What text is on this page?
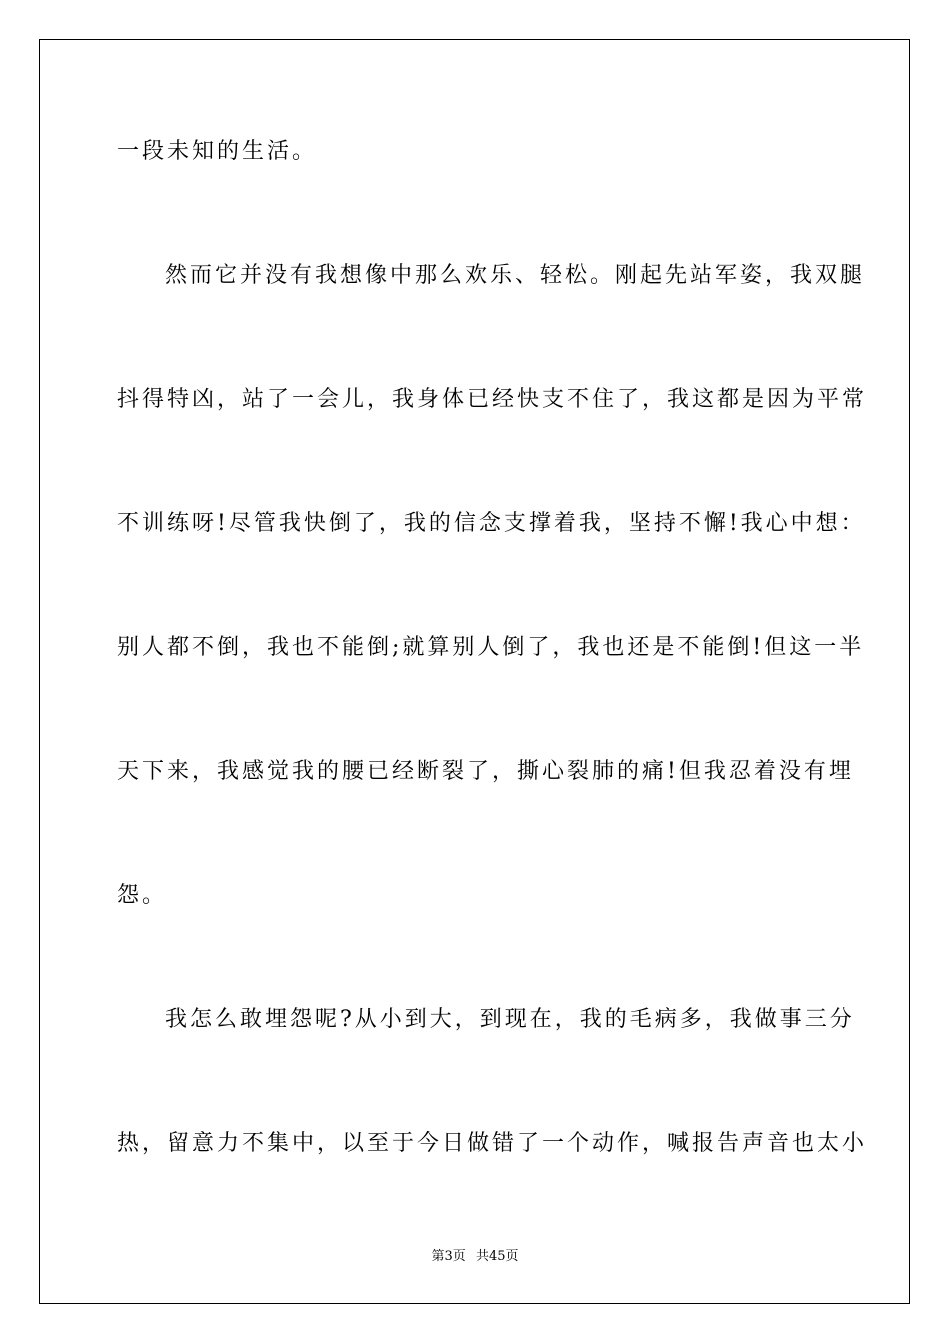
一段未知的生活。
然而它并没有我想像中那么欢乐、轻松。刚起先站军姿，我双腿
抖得特凶，站了一会儿，我身体已经快支不住了，我这都是因为平常
不训练呀!尽管我快倒了，我的信念支撑着我，坚持不懈!我心中想：
别人都不倒，我也不能倒;就算别人倒了，我也还是不能倒!但这一半
天下来，我感觉我的腰已经断裂了，撕心裂肺的痛!但我忍着没有埋
怨。
我怎么敢埋怨呢?从小到大，到现在，我的毛病多，我做事三分
热，留意力不集中，以至于今日做错了一个动作，喊报告声音也太小
第3页 共45页
